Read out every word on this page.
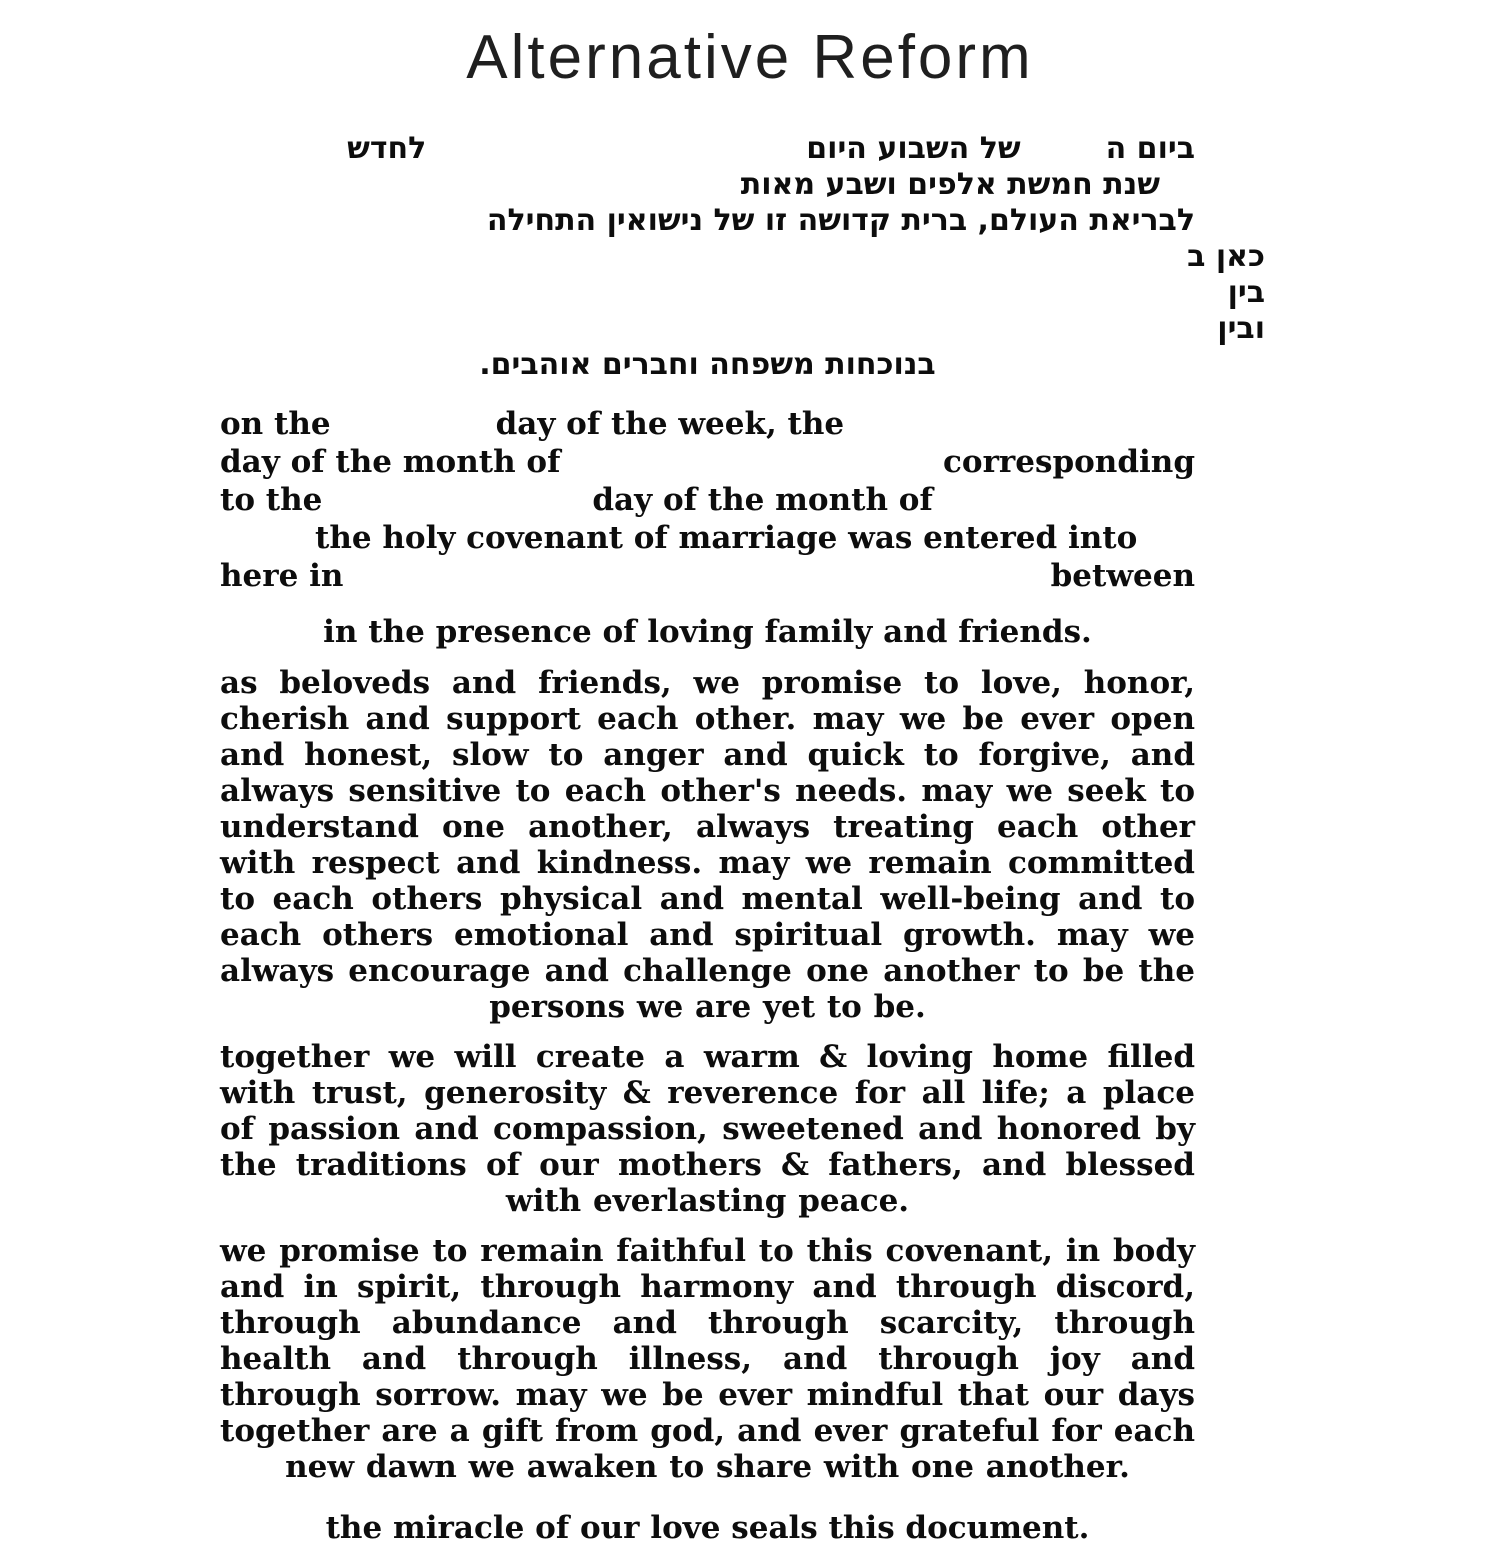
Alternative Reform
ביום השל השבוע היוםלחדש
שנת חמשת אלפים ושבע מאות
לבריאת העולם, ברית קדושה זו של נישואין התחילה
כאן ב
בין
ובין
בנוכחות משפחה וחברים אוהבים.
on the	day of the week, the
day of the month of	corresponding
to the	day of the month of
the holy covenant of marriage was entered into
here in	between
in the presence of loving family and friends.

as beloveds and friends, we promise to love, honor, cherish and support each other. may we be ever open and honest, slow to anger and quick to forgive, and always sensitive to each other's needs. may we seek to understand one another, always treating each other with respect and kindness. may we remain committed to each others physical and mental well-being and to each others emotional and spiritual growth. may we always encourage and challenge one another to be the persons we are yet to be.

together we will create a warm & loving home filled with trust, generosity & reverence for all life; a place of passion and compassion, sweetened and honored by the traditions of our mothers & fathers, and blessed with everlasting peace.

we promise to remain faithful to this covenant, in body and in spirit, through harmony and through discord, through abundance and through scarcity, through health and through illness, and through joy and through sorrow. may we be ever mindful that our days together are a gift from god, and ever grateful for each new dawn we awaken to share with one another.

the miracle of our love seals this document.
